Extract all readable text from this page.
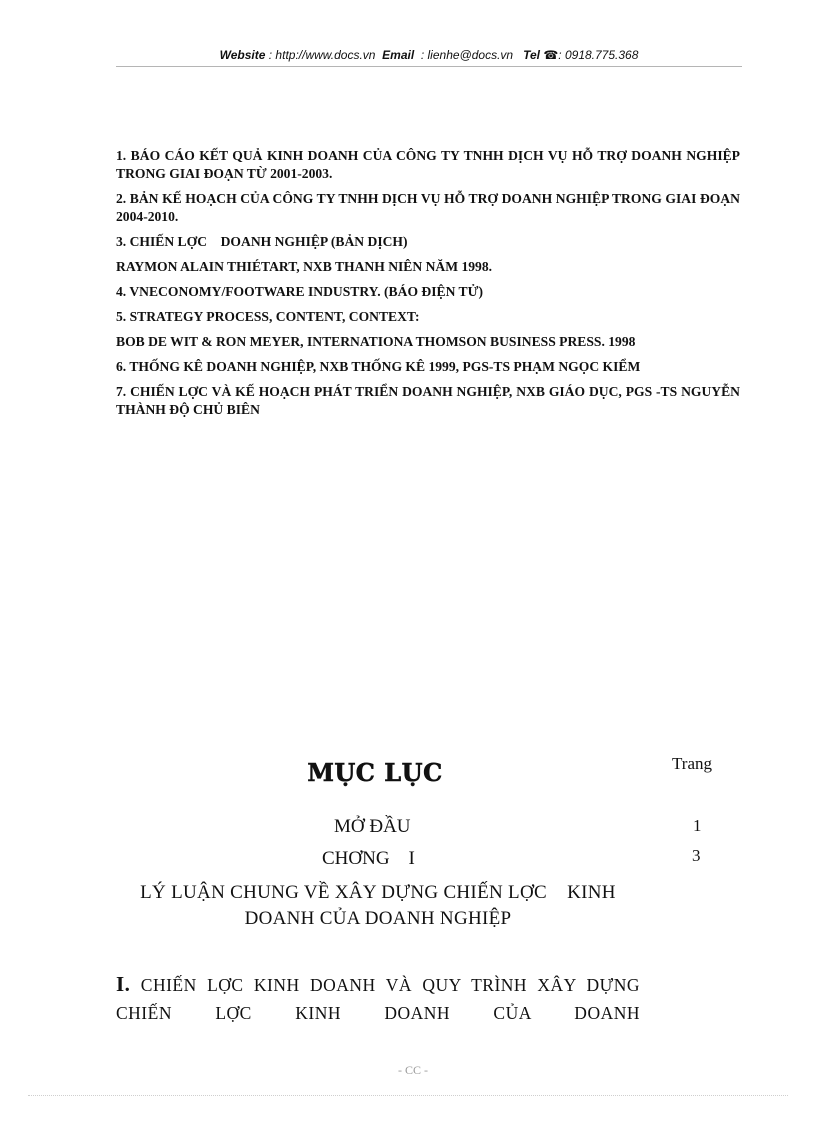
Website : http://www.docs.vn Email : lienhe@docs.vn Tel ☎: 0918.775.368

1. BÁO CÁO KẾT QUẢ KINH DOANH CỦA CÔNG TY TNHH DỊCH VỤ HỖ TRỢ DOANH NGHIỆP TRONG GIAI ĐOẠN TỪ 2001-2003.

2. BẢN KẾ HOẠCH CỦA CÔNG TY TNHH DỊCH VỤ HỖ TRỢ DOANH NGHIỆP TRONG GIAI ĐOẠN 2004-2010.

3. CHIẾN LỢC    DOANH NGHIỆP (BẢN DỊCH)

RAYMON ALAIN THIÉTART, NXB THANH NIÊN NĂM 1998.

4. VNECONOMY/FOOTWARE INDUSTRY. (BÁO ĐIỆN TỬ)

5. STRATEGY PROCESS, CONTENT, CONTEXT:

BOB DE WIT & RON MEYER, INTERNATIONA THOMSON BUSINESS PRESS. 1998

6. THỐNG KÊ DOANH NGHIỆP, NXB THỐNG KÊ 1999, PGS-TS PHẠM NGỌC KIỂM

7. CHIẾN LỢC VÀ KẾ HOẠCH PHÁT TRIỂN DOANH NGHIỆP, NXB GIÁO DỤC, PGS -TS NGUYỄN THÀNH ĐỘ CHỦ BIÊN

MỤC LỤC	Trang
MỞ ĐẦU	1
CHƠNG    I	3
LÝ LUẬN CHUNG VỀ XÂY DỰNG CHIẾN LỢC    KINH
DOANH CỦA DOANH NGHIỆP
I. CHIẾN LỢC KINH DOANH VÀ QUY TRÌNH XÂY DỰNG CHIẾN LỢC KINH DOANH CỦA DOANH
- CC -
